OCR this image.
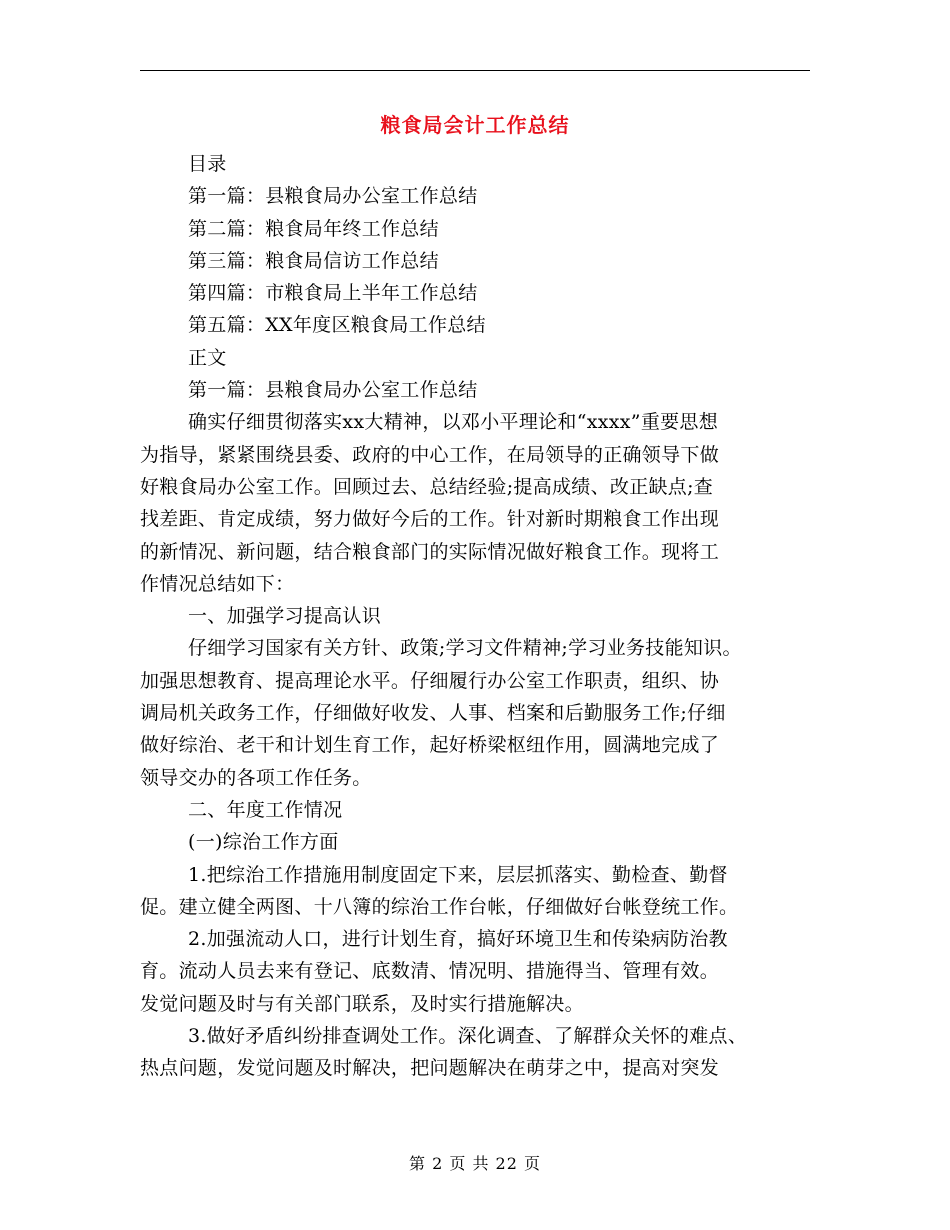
粮食局会计工作总结
目录
第一篇：县粮食局办公室工作总结
第二篇：粮食局年终工作总结
第三篇：粮食局信访工作总结
第四篇：市粮食局上半年工作总结
第五篇：XX年度区粮食局工作总结
正文
第一篇：县粮食局办公室工作总结
确实仔细贯彻落实xx大精神，以邓小平理论和“xxxx”重要思想
为指导，紧紧围绕县委、政府的中心工作，在局领导的正确领导下做
好粮食局办公室工作。回顾过去、总结经验;提高成绩、改正缺点;查
找差距、肯定成绩，努力做好今后的工作。针对新时期粮食工作出现
的新情况、新问题，结合粮食部门的实际情况做好粮食工作。现将工
作情况总结如下：
一、加强学习提高认识
仔细学习国家有关方针、政策;学习文件精神;学习业务技能知识。
加强思想教育、提高理论水平。仔细履行办公室工作职责，组织、协
调局机关政务工作，仔细做好收发、人事、档案和后勤服务工作;仔细
做好综治、老干和计划生育工作，起好桥梁枢纽作用，圆满地完成了
领导交办的各项工作任务。
二、年度工作情况
(一)综治工作方面
1.把综治工作措施用制度固定下来，层层抓落实、勤检查、勤督
促。建立健全两图、十八簿的综治工作台帐，仔细做好台帐登统工作。
2.加强流动人口，进行计划生育，搞好环境卫生和传染病防治教
育。流动人员去来有登记、底数清、情况明、措施得当、管理有效。
发觉问题及时与有关部门联系，及时实行措施解决。
3.做好矛盾纠纷排查调处工作。深化调查、了解群众关怀的难点、
热点问题，发觉问题及时解决，把问题解决在萌芽之中，提高对突发
第 2 页 共 22 页
